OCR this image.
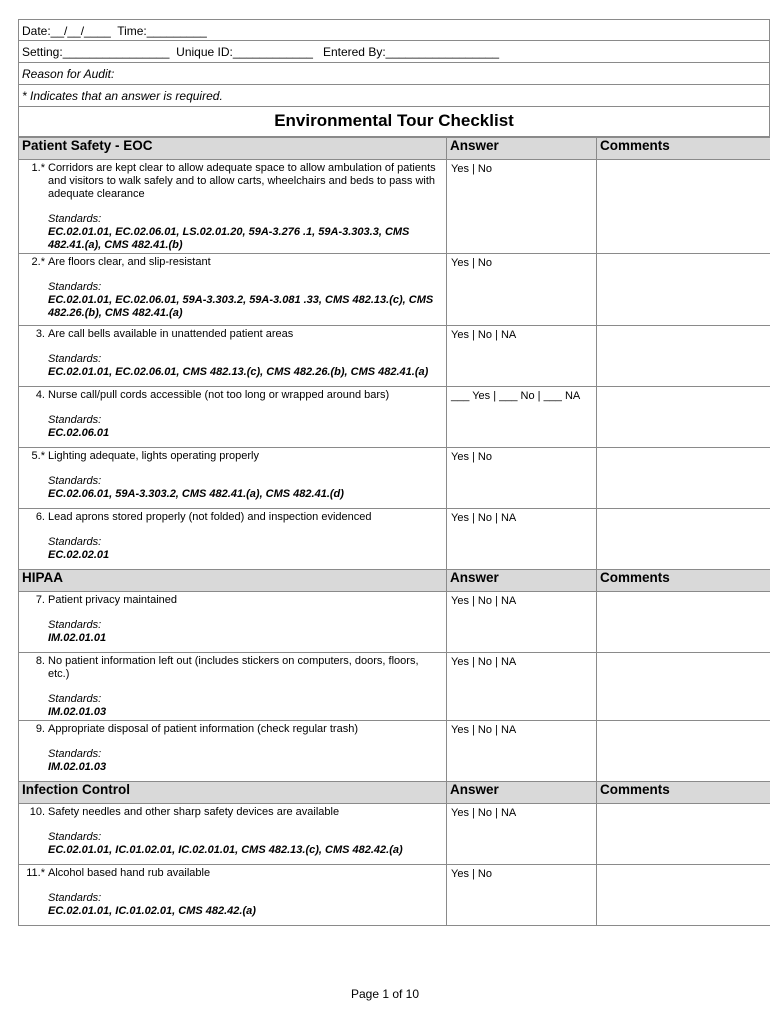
Date:__/__/____  Time:_________
Setting:________________ Unique ID:____________ Entered By:_________________
Reason for Audit:
* Indicates that an answer is required.
Environmental Tour Checklist
Patient Safety - EOC	Answer	Comments

1.* Corridors are kept clear to allow adequate space to allow ambulation of patients and visitors to walk safely and to allow carts, wheelchairs and beds to pass with adequate clearance
Standards:
EC.02.01.01, EC.02.06.01, LS.02.01.20, 59A-3.276 .1, 59A-3.303.3, CMS 482.41.(a), CMS 482.41.(b)	Yes | No	

2.* Are floors clear, and slip-resistant
Standards:
EC.02.01.01, EC.02.06.01, 59A-3.303.2, 59A-3.081 .33, CMS 482.13.(c), CMS 482.26.(b), CMS 482.41.(a)	Yes | No	

3. Are call bells available in unattended patient areas
Standards:
EC.02.01.01, EC.02.06.01, CMS 482.13.(c), CMS 482.26.(b), CMS 482.41.(a)	Yes | No | NA	

4. Nurse call/pull cords accessible (not too long or wrapped around bars)
Standards:
EC.02.06.01	___ Yes | ___ No | ___ NA	

5.* Lighting adequate, lights operating properly
Standards:
EC.02.06.01, 59A-3.303.2, CMS 482.41.(a), CMS 482.41.(d)	Yes | No	

6. Lead aprons stored properly (not folded) and inspection evidenced
Standards:
EC.02.02.01	Yes | No | NA	
HIPAA	Answer	Comments

7. Patient privacy maintained
Standards:
IM.02.01.01	Yes | No | NA	

8. No patient information left out (includes stickers on computers, doors, floors, etc.)
Standards:
IM.02.01.03	Yes | No | NA	

9. Appropriate disposal of patient information (check regular trash)
Standards:
IM.02.01.03	Yes | No | NA	
Infection Control	Answer	Comments

10. Safety needles and other sharp safety devices are available
Standards:
EC.02.01.01, IC.01.02.01, IC.02.01.01, CMS 482.13.(c), CMS 482.42.(a)	Yes | No | NA	

11.* Alcohol based hand rub available
Standards:
EC.02.01.01, IC.01.02.01, CMS 482.42.(a)	Yes | No	
Page 1 of 10
